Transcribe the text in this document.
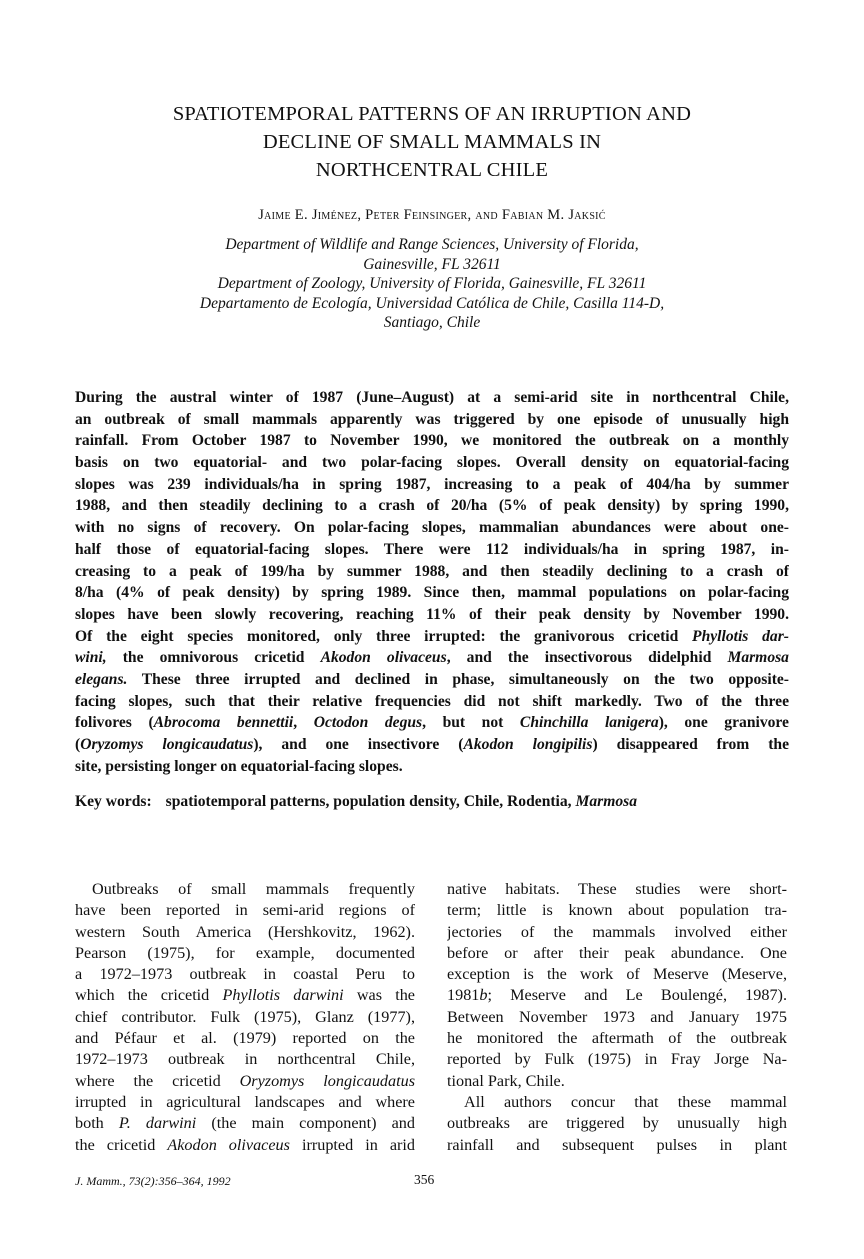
SPATIOTEMPORAL PATTERNS OF AN IRRUPTION AND
DECLINE OF SMALL MAMMALS IN
NORTHCENTRAL CHILE
Jaime E. Jiménez, Peter Feinsinger, and Fabian M. Jaksić
Department of Wildlife and Range Sciences, University of Florida,
Gainesville, FL 32611
Department of Zoology, University of Florida, Gainesville, FL 32611
Departamento de Ecología, Universidad Católica de Chile, Casilla 114-D,
Santiago, Chile
During the austral winter of 1987 (June–August) at a semi-arid site in northcentral Chile,
an outbreak of small mammals apparently was triggered by one episode of unusually high
rainfall. From October 1987 to November 1990, we monitored the outbreak on a monthly
basis on two equatorial- and two polar-facing slopes. Overall density on equatorial-facing
slopes was 239 individuals/ha in spring 1987, increasing to a peak of 404/ha by summer
1988, and then steadily declining to a crash of 20/ha (5% of peak density) by spring 1990,
with no signs of recovery. On polar-facing slopes, mammalian abundances were about one-
half those of equatorial-facing slopes. There were 112 individuals/ha in spring 1987, in-
creasing to a peak of 199/ha by summer 1988, and then steadily declining to a crash of
8/ha (4% of peak density) by spring 1989. Since then, mammal populations on polar-facing
slopes have been slowly recovering, reaching 11% of their peak density by November 1990.
Of the eight species monitored, only three irrupted: the granivorous cricetid Phyllotis dar-
wini, the omnivorous cricetid Akodon olivaceus, and the insectivorous didelphid Marmosa
elegans. These three irrupted and declined in phase, simultaneously on the two opposite-
facing slopes, such that their relative frequencies did not shift markedly. Two of the three
folivores (Abrocoma bennettii, Octodon degus, but not Chinchilla lanigera), one granivore
(Oryzomys longicaudatus), and one insectivore (Akodon longipilis) disappeared from the
site, persisting longer on equatorial-facing slopes.
Key words: spatiotemporal patterns, population density, Chile, Rodentia, Marmosa
Outbreaks of small mammals frequently
have been reported in semi-arid regions of
western South America (Hershkovitz, 1962).
Pearson (1975), for example, documented
a 1972–1973 outbreak in coastal Peru to
which the cricetid Phyllotis darwini was the
chief contributor. Fulk (1975), Glanz (1977),
and Péfaur et al. (1979) reported on the
1972–1973 outbreak in northcentral Chile,
where the cricetid Oryzomys longicaudatus
irrupted in agricultural landscapes and where
both P. darwini (the main component) and
the cricetid Akodon olivaceus irrupted in arid
native habitats. These studies were short-
term; little is known about population tra-
jectories of the mammals involved either
before or after their peak abundance. One
exception is the work of Meserve (Meserve,
1981b; Meserve and Le Boulengé, 1987).
Between November 1973 and January 1975
he monitored the aftermath of the outbreak
reported by Fulk (1975) in Fray Jorge Na-
tional Park, Chile.
All authors concur that these mammal
outbreaks are triggered by unusually high
rainfall and subsequent pulses in plant
J. Mamm., 73(2):356–364, 1992	356
